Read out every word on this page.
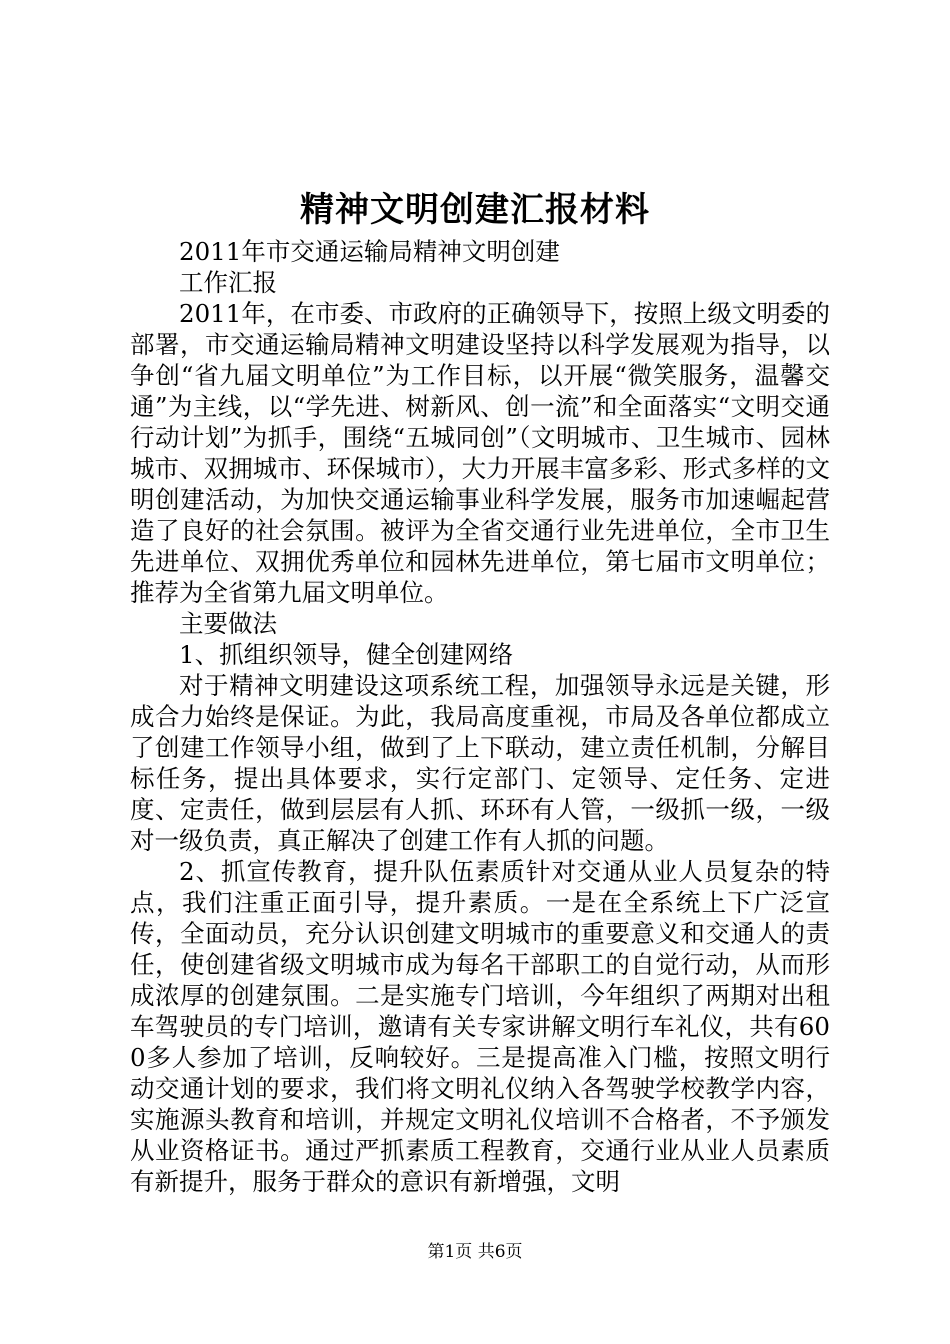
精神文明创建汇报材料

2011年市交通运输局精神文明创建

工作汇报

2011年，在市委、市政府的正确领导下，按照上级文明委的部署，市交通运输局精神文明建设坚持以科学发展观为指导，以争创“省九届文明单位”为工作目标，以开展“微笑服务，温馨交通”为主线，以“学先进、树新风、创一流”和全面落实“文明交通行动计划”为抓手，围绕“五城同创”（文明城市、卫生城市、园林城市、双拥城市、环保城市），大力开展丰富多彩、形式多样的文明创建活动，为加快交通运输事业科学发展，服务市加速崛起营造了良好的社会氛围。被评为全省交通行业先进单位，全市卫生先进单位、双拥优秀单位和园林先进单位，第七届市文明单位；推荐为全省第九届文明单位。

主要做法

1、抓组织领导，健全创建网络

对于精神文明建设这项系统工程，加强领导永远是关键，形成合力始终是保证。为此，我局高度重视，市局及各单位都成立了创建工作领导小组，做到了上下联动，建立责任机制，分解目标任务，提出具体要求，实行定部门、定领导、定任务、定进度、定责任，做到层层有人抓、环环有人管，一级抓一级，一级对一级负责，真正解决了创建工作有人抓的问题。

2、抓宣传教育，提升队伍素质针对交通从业人员复杂的特点，我们注重正面引导，提升素质。一是在全系统上下广泛宣传，全面动员，充分认识创建文明城市的重要意义和交通人的责任，使创建省级文明城市成为每名干部职工的自觉行动，从而形成浓厚的创建氛围。二是实施专门培训，今年组织了两期对出租车驾驶员的专门培训，邀请有关专家讲解文明行车礼仪，共有600多人参加了培训，反响较好。三是提高准入门槛，按照文明行动交通计划的要求，我们将文明礼仪纳入各驾驶学校教学内容，实施源头教育和培训，并规定文明礼仪培训不合格者，不予颁发从业资格证书。通过严抓素质工程教育，交通行业从业人员素质有新提升，服务于群众的意识有新增强，文明

第1页 共6页
